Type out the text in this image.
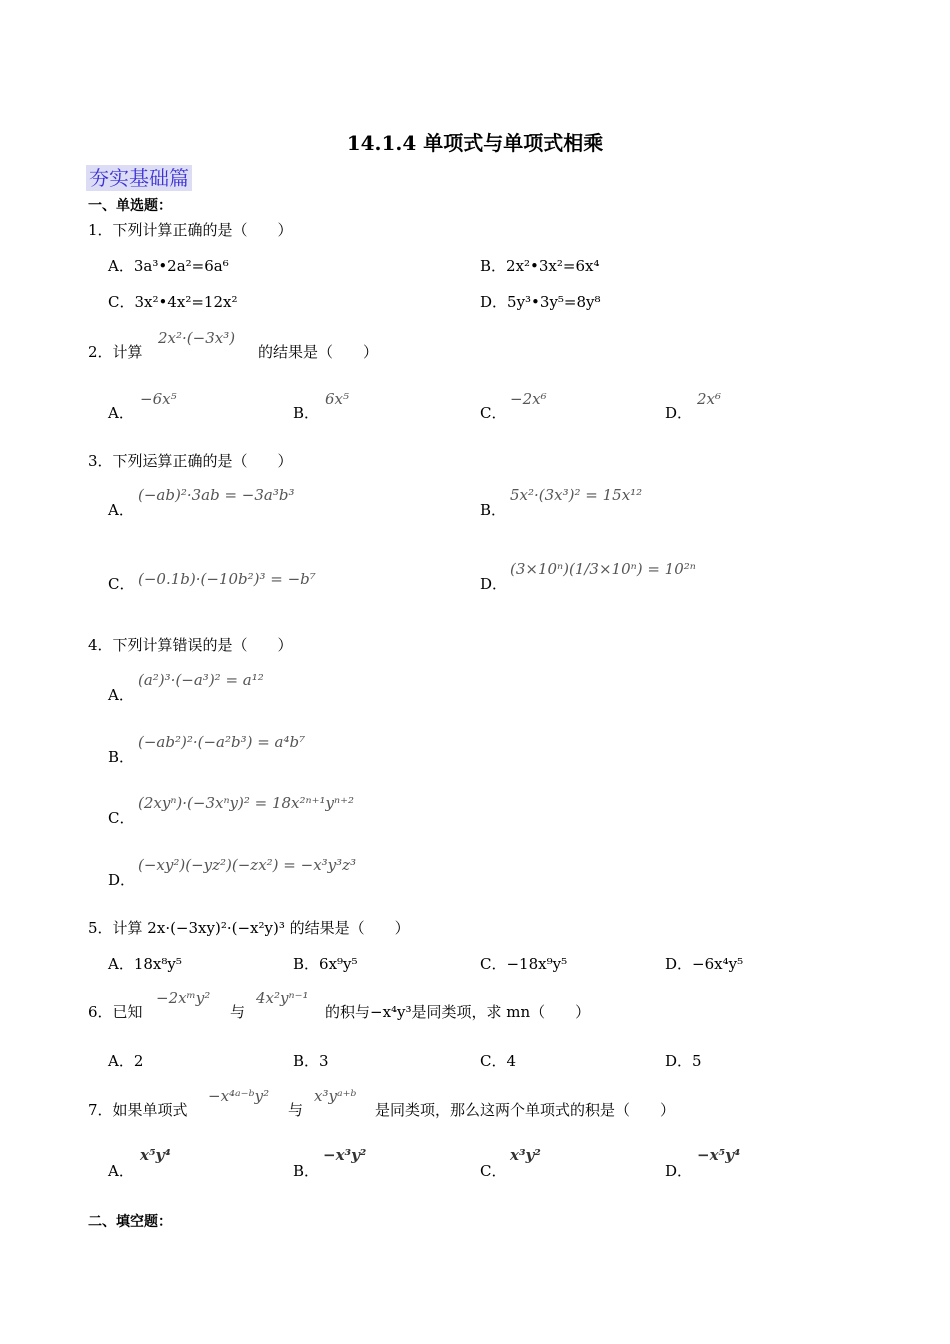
14.1.4 单项式与单项式相乘
夯实基础篇
一、单选题：
1．下列计算正确的是（　　）
A．3a³•2a²=6a⁶	B．2x²•3x²=6x⁴
C．3x²•4x²=12x²	D．5y³•3y⁵=8y⁸
2．计算
2x²·(−3x³)
的结果是（　　）
A．
−6x⁵
B．
6x⁵
C．
−2x⁶
D．
2x⁶
3．下列运算正确的是（　　）
A．
(−ab)²·3ab = −3a³b³
B．
5x²·(3x³)² = 15x¹²
C． (−0.1b)·(−10b²)³ = −b⁷	D．
(3×10ⁿ)(1/3×10ⁿ) = 10²ⁿ
4．下列计算错误的是（　　）
A．
(a²)³·(−a³)² = a¹²
B．
(−ab²)²·(−a²b³) = a⁴b⁷
C．
(2xyⁿ)·(−3xⁿy)² = 18x²ⁿ⁺¹yⁿ⁺²
D．
(−xy²)(−yz²)(−zx²) = −x³y³z³
5．计算 2x·(−3xy)²·(−x²y)³ 的结果是（　　）
A．18x⁸y⁵	B．6x⁹y⁵	C．−18x⁹y⁵	D．−6x⁴y⁵
6．已知
−2xᵐy²
与
4x²yⁿ⁻¹
的积与−x⁴y³是同类项，求 mn（　　）
A．2	B．3	C．4	D．5
7．如果单项式
−x⁴ᵃ⁻ᵇy²
与
x³yᵃ⁺ᵇ
是同类项，那么这两个单项式的积是（　　）
A．
x⁵y⁴
B．
−x³y²
C．
x³y²
D．
−x⁵y⁴
二、填空题：
